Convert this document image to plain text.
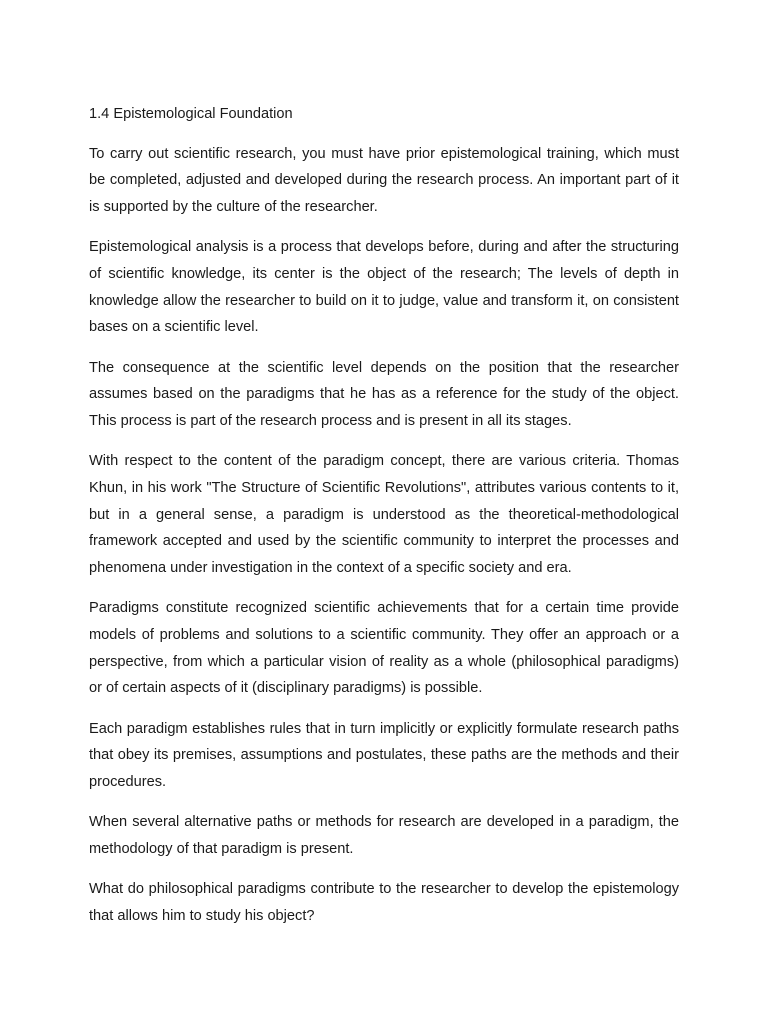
1.4 Epistemological Foundation

To carry out scientific research, you must have prior epistemological training, which must be completed, adjusted and developed during the research process. An important part of it is supported by the culture of the researcher.

Epistemological analysis is a process that develops before, during and after the structuring of scientific knowledge, its center is the object of the research; The levels of depth in knowledge allow the researcher to build on it to judge, value and transform it, on consistent bases on a scientific level.

The consequence at the scientific level depends on the position that the researcher assumes based on the paradigms that he has as a reference for the study of the object. This process is part of the research process and is present in all its stages.

With respect to the content of the paradigm concept, there are various criteria. Thomas Khun, in his work "The Structure of Scientific Revolutions", attributes various contents to it, but in a general sense, a paradigm is understood as the theoretical-methodological framework accepted and used by the scientific community to interpret the processes and phenomena under investigation in the context of a specific society and era.

Paradigms constitute recognized scientific achievements that for a certain time provide models of problems and solutions to a scientific community. They offer an approach or a perspective, from which a particular vision of reality as a whole (philosophical paradigms) or of certain aspects of it (disciplinary paradigms) is possible.

Each paradigm establishes rules that in turn implicitly or explicitly formulate research paths that obey its premises, assumptions and postulates, these paths are the methods and their procedures.

When several alternative paths or methods for research are developed in a paradigm, the methodology of that paradigm is present.

What do philosophical paradigms contribute to the researcher to develop the epistemology that allows him to study his object?
